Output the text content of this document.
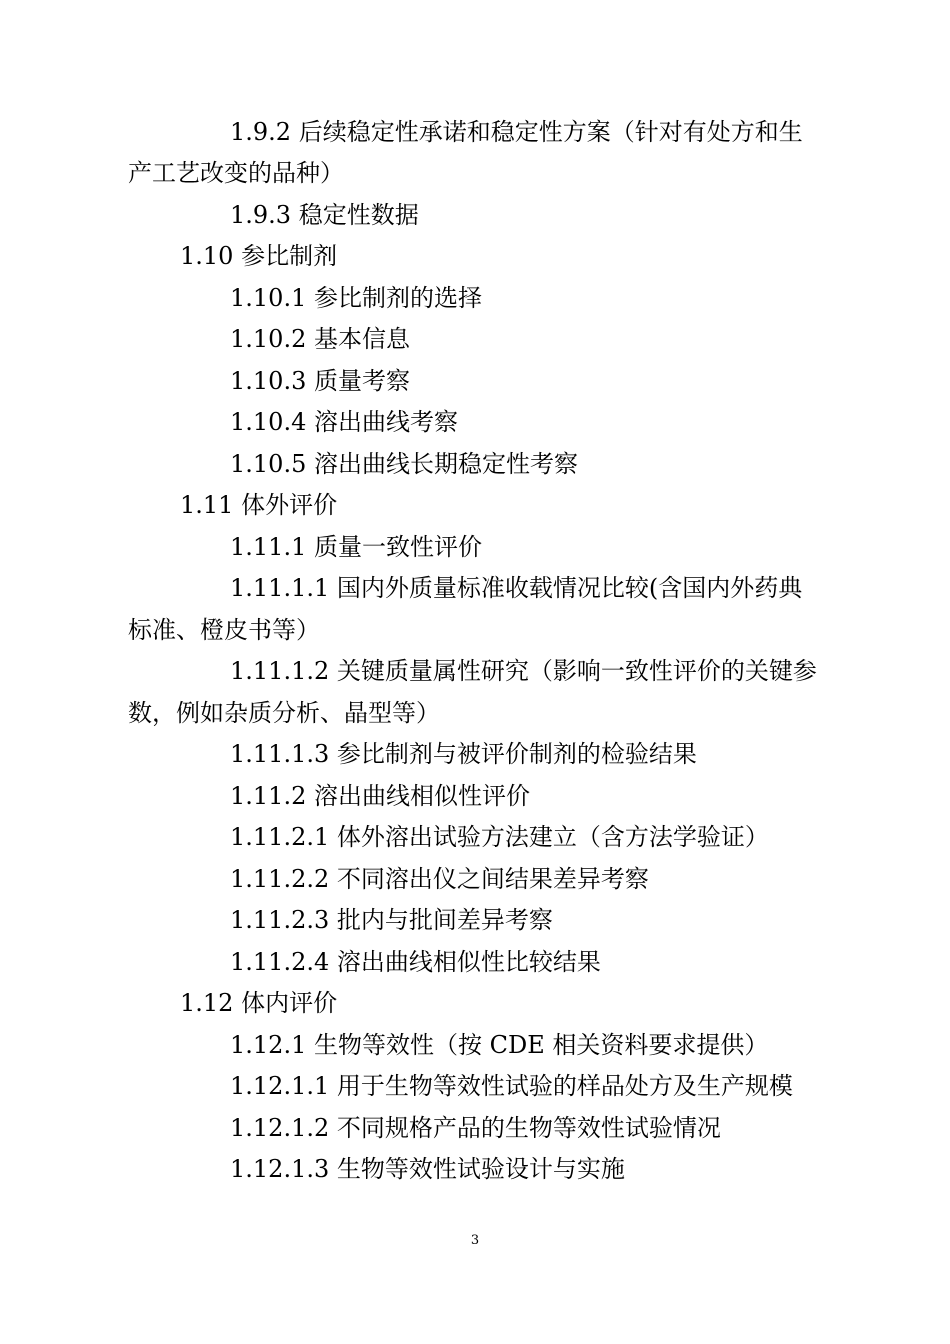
1.9.2 后续稳定性承诺和稳定性方案（针对有处方和生
产工艺改变的品种）
1.9.3 稳定性数据
1.10 参比制剂
1.10.1 参比制剂的选择
1.10.2 基本信息
1.10.3 质量考察
1.10.4 溶出曲线考察
1.10.5 溶出曲线长期稳定性考察
1.11 体外评价
1.11.1 质量一致性评价
1.11.1.1 国内外质量标准收载情况比较(含国内外药典
标准、橙皮书等）
1.11.1.2 关键质量属性研究（影响一致性评价的关键参
数，例如杂质分析、晶型等）
1.11.1.3 参比制剂与被评价制剂的检验结果
1.11.2 溶出曲线相似性评价
1.11.2.1 体外溶出试验方法建立（含方法学验证）
1.11.2.2 不同溶出仪之间结果差异考察
1.11.2.3 批内与批间差异考察
1.11.2.4 溶出曲线相似性比较结果
1.12 体内评价
1.12.1 生物等效性（按 CDE 相关资料要求提供）
1.12.1.1 用于生物等效性试验的样品处方及生产规模
1.12.1.2 不同规格产品的生物等效性试验情况
1.12.1.3 生物等效性试验设计与实施
3
